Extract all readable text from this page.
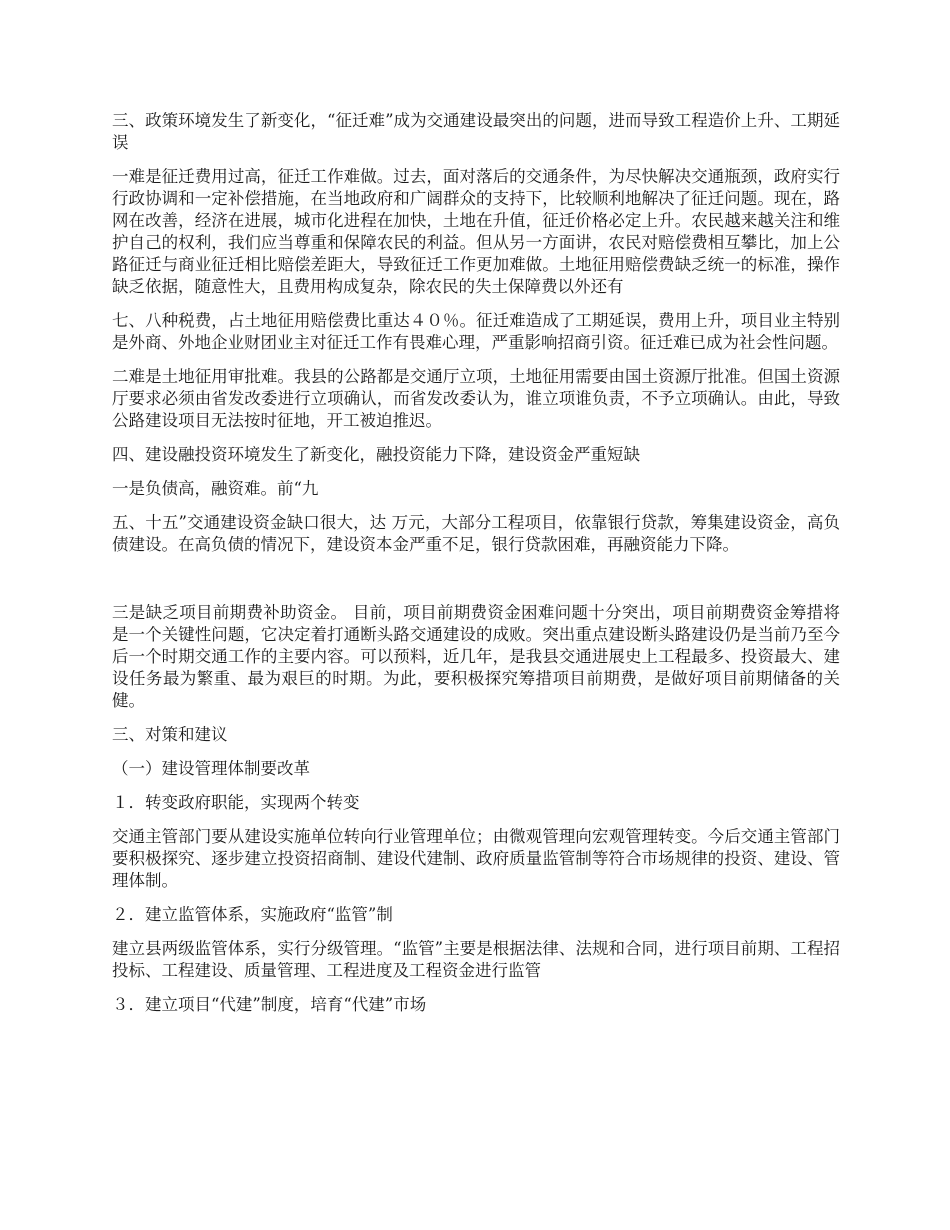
三、政策环境发生了新变化，“征迁难”成为交通建设最突出的问题，进而导致工程造价上升、工期延误

一难是征迁费用过高，征迁工作难做。过去，面对落后的交通条件，为尽快解决交通瓶颈，政府实行行政协调和一定补偿措施，在当地政府和广阔群众的支持下，比较顺利地解决了征迁问题。现在，路网在改善，经济在进展，城市化进程在加快，土地在升值，征迁价格必定上升。农民越来越关注和维护自己的权利，我们应当尊重和保障农民的利益。但从另一方面讲，农民对赔偿费相互攀比，加上公路征迁与商业征迁相比赔偿差距大，导致征迁工作更加难做。土地征用赔偿费缺乏统一的标准，操作缺乏依据，随意性大，且费用构成复杂，除农民的失土保障费以外还有

七、八种税费，占土地征用赔偿费比重达４０％。征迁难造成了工期延误，费用上升，项目业主特别是外商、外地企业财团业主对征迁工作有畏难心理，严重影响招商引资。征迁难已成为社会性问题。

二难是土地征用审批难。我县的公路都是交通厅立项，土地征用需要由国土资源厅批准。但国土资源厅要求必须由省发改委进行立项确认，而省发改委认为，谁立项谁负责，不予立项确认。由此，导致公路建设项目无法按时征地，开工被迫推迟。

四、建设融投资环境发生了新变化，融投资能力下降，建设资金严重短缺

一是负债高，融资难。前“九

五、十五”交通建设资金缺口很大，达 万元，大部分工程项目，依靠银行贷款，筹集建设资金，高负债建设。在高负债的情况下，建设资本金严重不足，银行贷款困难，再融资能力下降。

三是缺乏项目前期费补助资金。 目前，项目前期费资金困难问题十分突出，项目前期费资金筹措将是一个关键性问题，它决定着打通断头路交通建设的成败。突出重点建设断头路建设仍是当前乃至今后一个时期交通工作的主要内容。可以预料，近几年，是我县交通进展史上工程最多、投资最大、建设任务最为繁重、最为艰巨的时期。为此，要积极探究筹措项目前期费，是做好项目前期储备的关健。

三、对策和建议

（一）建设管理体制要改革

１．转变政府职能，实现两个转变

交通主管部门要从建设实施单位转向行业管理单位；由微观管理向宏观管理转变。今后交通主管部门要积极探究、逐步建立投资招商制、建设代建制、政府质量监管制等符合市场规律的投资、建设、管理体制。

２．建立监管体系，实施政府“监管”制

建立县两级监管体系，实行分级管理。“监管”主要是根据法律、法规和合同，进行项目前期、工程招投标、工程建设、质量管理、工程进度及工程资金进行监管

３．建立项目“代建”制度，培育“代建”市场
